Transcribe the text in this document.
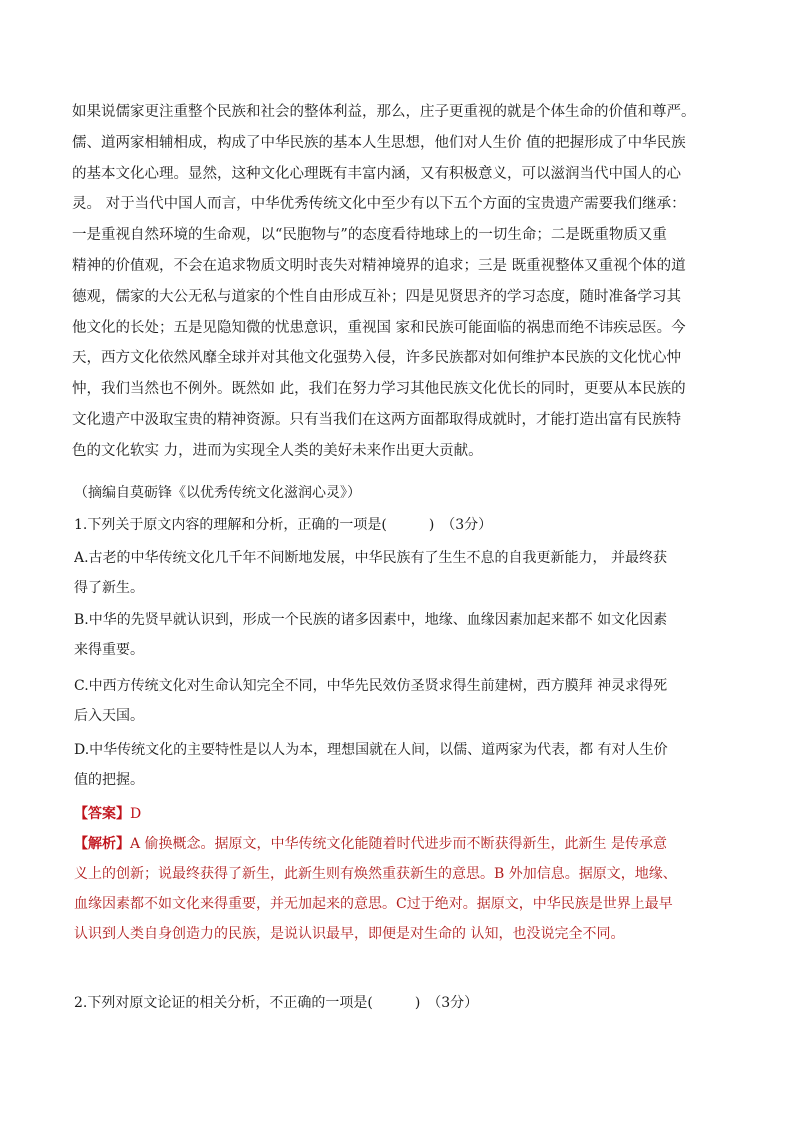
如果说儒家更注重整个民族和社会的整体利益，那么，庄子更重视的就是个体生命的价值和尊严。
儒、道两家相辅相成，构成了中华民族的基本人生思想，他们对人生价 值的把握形成了中华民族
的基本文化心理。显然，这种文化心理既有丰富内涵，又有积极意义，可以滋润当代中国人的心
灵。 对于当代中国人而言，中华优秀传统文化中至少有以下五个方面的宝贵遗产需要我们继承：
一是重视自然环境的生命观，以“民胞物与”的态度看待地球上的一切生命；二是既重物质又重
精神的价值观，不会在追求物质文明时丧失对精神境界的追求；三是 既重视整体又重视个体的道
德观，儒家的大公无私与道家的个性自由形成互补；四是见贤思齐的学习态度，随时准备学习其
他文化的长处；五是见隐知微的忧患意识，重视国 家和民族可能面临的祸患而绝不讳疾忌医。今
天，西方文化依然风靡全球并对其他文化强势入侵，许多民族都对如何维护本民族的文化忧心忡
忡，我们当然也不例外。既然如 此，我们在努力学习其他民族文化优长的同时，更要从本民族的
文化遗产中汲取宝贵的精神资源。只有当我们在这两方面都取得成就时，才能打造出富有民族特
色的文化软实 力，进而为实现全人类的美好未来作出更大贡献。

（摘编自莫砺锋《以优秀传统文化滋润心灵》）

1.下列关于原文内容的理解和分析，正确的一项是(　　　)　（3分）

A.古老的中华传统文化几千年不间断地发展，中华民族有了生生不息的自我更新能力， 并最终获
得了新生。
B.中华的先贤早就认识到，形成一个民族的诸多因素中，地缘、血缘因素加起来都不 如文化因素
来得重要。
C.中西方传统文化对生命认知完全不同，中华先民效仿圣贤求得生前建树，西方膜拜 神灵求得死
后入天国。
D.中华传统文化的主要特性是以人为本，理想国就在人间，以儒、道两家为代表，都 有对人生价
值的把握。

【答案】D

【解析】A 偷换概念。据原文，中华传统文化能随着时代进步而不断获得新生，此新生 是传承意
义上的创新；说最终获得了新生，此新生则有焕然重获新生的意思。B 外加信息。据原文，地缘、
血缘因素都不如文化来得重要，并无加起来的意思。C过于绝对。据原文，中华民族是世界上最早
认识到人类自身创造力的民族，是说认识最早，即便是对生命的 认知，也没说完全不同。

2.下列对原文论证的相关分析，不正确的一项是(　　　)　（3分）
